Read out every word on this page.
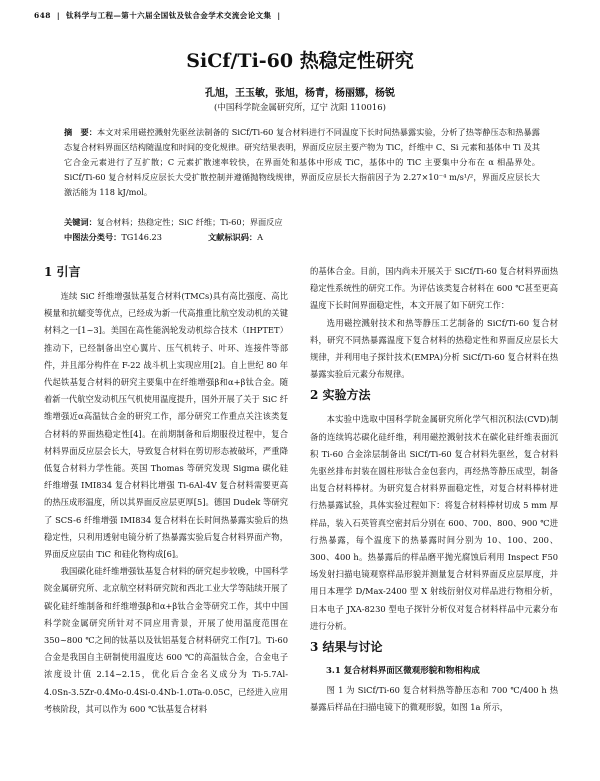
648 | 钛科学与工程—第十六届全国钛及钛合金学术交流会论文集 |
SiCf/Ti-60 热稳定性研究
孔旭，王玉敏，张旭，杨青，杨丽娜，杨锐
(中国科学院金属研究所，辽宁 沈阳 110016)
摘　要：本文对采用磁控溅射先驱丝法制备的 SiCf/Ti-60 复合材料进行不同温度下长时间热暴露实验，分析了热等静压态和热暴露态复合材料界面区结构随温度和时间的变化规律。研究结果表明，界面反应层主要产物为 TiC，纤维中 C、Si 元素和基体中 Ti 及其它合金元素进行了互扩散；C 元素扩散速率较快，在界面处和基体中形成 TiC，基体中的 TiC 主要集中分布在 α 相晶界处。SiCf/Ti-60 复合材料反应层长大受扩散控制并遵循抛物线规律，界面反应层长大指前因子为 2.27×10⁻⁴ m/s¹/²，界面反应层长大激活能为 118 kJ/mol。
关键词：复合材料；热稳定性；SiC 纤维；Ti-60；界面反应
中图法分类号：TG146.23	文献标识码：A
1 引言

连续 SiC 纤维增强钛基复合材料(TMCs)具有高比强度、高比模量和抗蠕变等优点，已经成为新一代高推重比航空发动机的关键材料之一[1~3]。美国在高性能涡轮发动机综合技术（IHPTET）推动下，已经制备出空心翼片、压气机转子、叶环、连接件等部件，并且部分构件在 F-22 战斗机上实现应用[2]。自上世纪 80 年代起铁基复合材料的研究主要集中在纤维增强β和α+β钛合金。随着新一代航空发动机压气机使用温度提升，国外开展了关于 SiC 纤维增强近α高温钛合金的研究工作，部分研究工作重点关注该类复合材料的界面热稳定性[4]。在前期制备和后期服役过程中，复合材料界面反应层会长大，导致复合材料在剪切形态被破坏，严重降低复合材料力学性能。英国 Thomas 等研究发现 Sigma 碳化硅纤维增强 IMI834 复合材料比增强 Ti-6Al-4V 复合材料需要更高的热压成形温度，所以其界面反应层更厚[5]。德国 Dudek 等研究了 SCS-6 纤维增强 IMI834 复合材料在长时间热暴露实验后的热稳定性，只利用透射电镜分析了热暴露实验后复合材料界面产物，界面反应层由 TiC 和硅化物构成[6]。

我国碳化硅纤维增强钛基复合材料的研究起步较晚，中国科学院金属研究所、北京航空材料研究院和西北工业大学等陆续开展了碳化硅纤维制备和纤维增强β和α+β钛合金等研究工作，其中中国科学院金属研究所针对不同应用背景，开展了使用温度范围在 350~800 ℃之间的钛基以及钛铝基复合材料研究工作[7]。Ti-60 合金是我国自主研制使用温度达 600 ℃的高温钛合金，合金电子浓度设计值 2.14~2.15，优化后合金名义成分为 Ti-5.7Al-4.0Sn-3.5Zr-0.4Mo-0.4Si-0.4Nb-1.0Ta-0.05C，已经进入应用考核阶段，其可以作为 600 ℃钛基复合材料

的基体合金。目前，国内尚未开展关于 SiCf/Ti-60 复合材料界面热稳定性系统性的研究工作。为评估该类复合材料在 600 ℃甚至更高温度下长时间界面稳定性，本文开展了如下研究工作：

选用磁控溅射技术和热等静压工艺制备的 SiCf/Ti-60 复合材料，研究不同热暴露温度下复合材料的热稳定性和界面反应层长大规律，并利用电子探针技术(EMPA)分析 SiCf/Ti-60 复合材料在热暴露实验后元素分布规律。

2 实验方法

本实验中选取中国科学院金属研究所化学气相沉积法(CVD)制备的连续钨芯碳化硅纤维，利用磁控溅射技术在碳化硅纤维表面沉积 Ti-60 合金涂层制备出 SiCf/Ti-60 复合材料先驱丝，复合材料先驱丝排布封装在圆柱形钛合金包套内，再经热等静压成型，制备出复合材料棒材。为研究复合材料界面稳定性，对复合材料棒材进行热暴露试验，具体实验过程如下：将复合材料棒材切成 5 mm 厚样品，装入石英管真空密封后分别在 600、700、800、900 ℃进行热暴露，每个温度下的热暴露时间分别为 10、100、200、300、400 h。热暴露后的样品磨平抛光腐蚀后利用 Inspect F50 场发射扫描电镜观察样品形貌并测量复合材料界面反应层厚度，并用日本理学 D/Max-2400 型 X 射线衍射仪对样品进行物相分析，日本电子 JXA-8230 型电子探针分析仪对复合材料样品中元素分布进行分析。

3 结果与讨论
3.1 复合材料界面区微观形貌和物相构成

图 1 为 SiCf/Ti-60 复合材料热等静压态和 700 ℃/400 h 热暴露后样品在扫描电镜下的微观形貌，如图 1a 所示，
